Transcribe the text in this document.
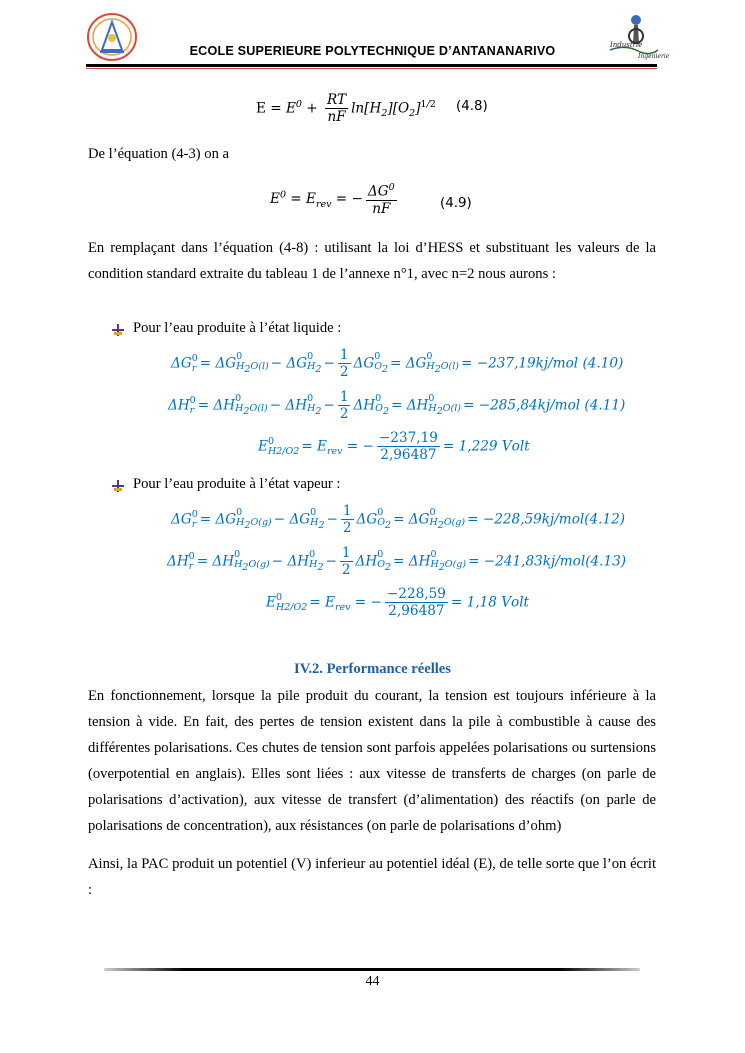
ECOLE SUPERIEURE POLYTECHNIQUE D’ANTANANARIVO	Industrie
Ingenierie
$E = E^0 + \frac{RT}{nF} \ln[H_2][O_2]^{1/2}$ (4.8)
De l’équation (4-3) on a
$E^0 = E_{rev}$ = − $\frac{\Delta G^0}{nF}$	(4.9)
En remplaçant dans l’équation (4-8) : utilisant la loi d’HESS et substituant les valeurs de la condition standard extraite du tableau 1 de l’annexe n°1, avec n=2 nous aurons :
Pour l’eau produite à l’état liquide :
ΔG 0
r = ΔG 0
$H_2O(l) - \Delta G$ 0
$H_2 - \frac{1}{2}$ ΔG 0
$O_2 = \Delta G$ 0
$H_2O(l)$ = −237,19𝑘𝑗/𝑚𝑜𝑙 (4.10)
ΔH 0
r = ΔH 0
$H_2O(l) - \Delta H$ 0
$H_2 - \frac{1}{2}$ ΔH 0
$O_2 = \Delta H$ 0
$H_2O(l)$ = −285,84𝑘𝑗/𝑚𝑜𝑙 (4.11)
E 0
$H2/O2 = E_{rev}$ = − $\frac{-237,19}{2,96487} = 1,229$ 𝑉𝑜𝑙𝑡
Pour l’eau produite à l’état vapeur :
ΔG 0
r = ΔG 0
$H_2O(g) - \Delta G$ 0
$H_2 - \frac{1}{2}$ ΔG 0
$O_2 = \Delta G$ 0
$H_2O(g)$ = −228,59𝑘𝑗/𝑚𝑜𝑙(4.12)
ΔH 0
r = ΔH 0
$H_2O(g) - \Delta H$ 0
$H_2 - \frac{1}{2}$ ΔH 0
$O_2 = \Delta H$ 0
$H_2O(g)$ = −241,83𝑘𝑗/𝑚𝑜𝑙(4.13)
E 0
$H2/O2 = E_{rev}$ = − $\frac{-228,59}{2,96487} = 1,18$ 𝑉𝑜𝑙𝑡
IV.2. Performance réelles
En fonctionnement, lorsque la pile produit du courant, la tension est toujours inférieure à la tension à vide. En fait, des pertes de tension existent dans la pile à combustible à cause des différentes polarisations. Ces chutes de tension sont parfois appelées polarisations ou surtensions (overpotential en anglais). Elles sont liées : aux vitesse de transferts de charges (on parle de polarisations d’activation), aux vitesse de transfert (d’alimentation) des réactifs (on parle de polarisations de concentration), aux résistances (on parle de polarisations d’ohm)
Ainsi, la PAC produit un potentiel (V) inferieur au potentiel idéal (E), de telle sorte que l’on écrit :
44
